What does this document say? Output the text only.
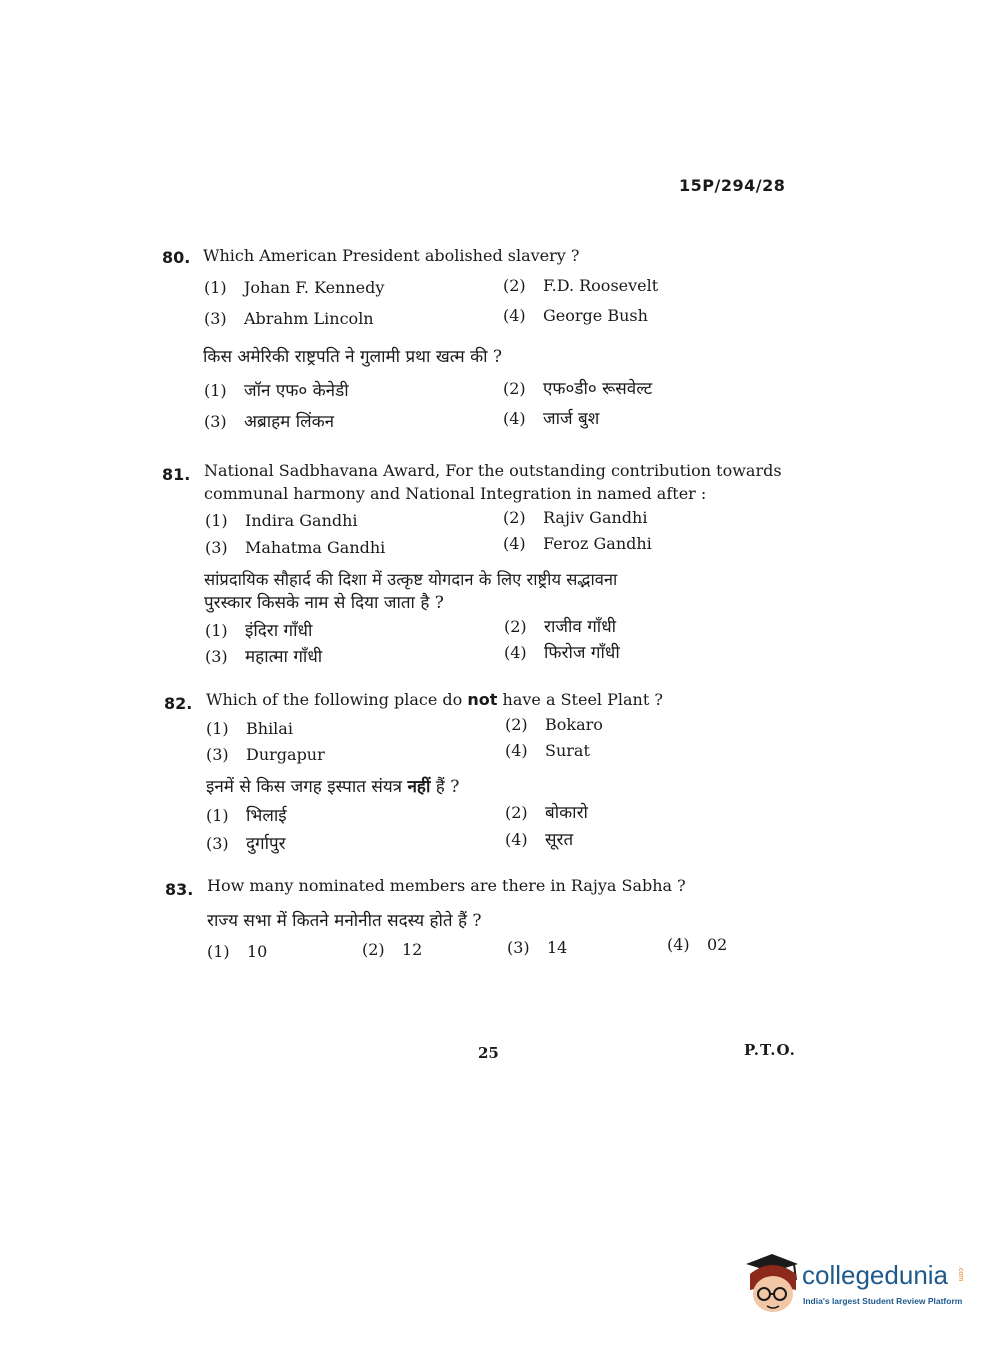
15P/294/28
80. Which American President abolished slavery ?
(1) Johan F. Kennedy	(2) F.D. Roosevelt
(3) Abrahm Lincoln	(4) George Bush
किस अमेरिकी राष्ट्रपति ने गुलामी प्रथा खत्म की ?
(1) जॉन एफ० केनेडी	(2) एफ०डी० रूसवेल्ट
(3) अब्राहम लिंकन	(4) जार्ज बुश
81. National Sadbhavana Award, For the outstanding contribution towards
communal harmony and National Integration in named after :
(1) Indira Gandhi	(2) Rajiv Gandhi
(3) Mahatma Gandhi	(4) Feroz Gandhi
सांप्रदायिक सौहार्द की दिशा में उत्कृष्ट योगदान के लिए राष्ट्रीय सद्भावना
पुरस्कार किसके नाम से दिया जाता है ?
(1) इंदिरा गाँधी	(2) राजीव गाँधी
(3) महात्मा गाँधी	(4) फिरोज गाँधी
82. Which of the following place do not have a Steel Plant ?
(1) Bhilai	(2) Bokaro
(3) Durgapur	(4) Surat
इनमें से किस जगह इस्पात संयत्र नहीं हैं ?
(1) भिलाई	(2) बोकारो
(3) दुर्गापुर	(4) सूरत
83. How many nominated members are there in Rajya Sabha ?
राज्य सभा में कितने मनोनीत सदस्य होते हैं ?
(1) 10	(2) 12	(3) 14	(4) 02
25	P.T.O.
collegedunia .com
India's largest Student Review Platform
